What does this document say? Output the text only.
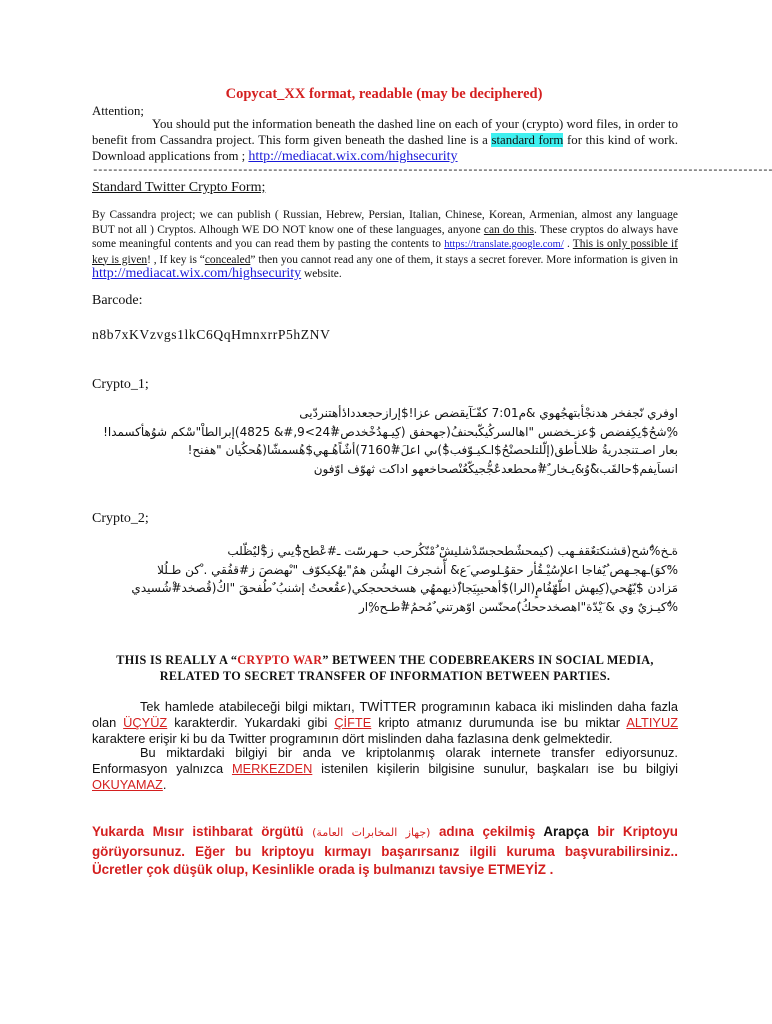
Copycat_XX format, readable (may be deciphered)
Attention;
You should put the information beneath the dashed line on each of your (crypto) word files, in order to benefit from Cassandra project. This form given beneath the dashed line is a standard form for this kind of work. Download applications from ; http://mediacat.wix.com/highsecurity
----------------------------------------------------------------------------------------------------------------------------------------
Standard Twitter Crypto Form;
By Cassandra project; we can publish ( Russian, Hebrew, Persian, Italian, Chinese, Korean, Armenian, almost any language BUT not all ) Cryptos. Alhough WE DO NOT know one of these languages, anyone can do this. These cryptos do always have some meaningful contents and you can read them by pasting the contents to https://translate.google.com/ . This is only possible if key is given! , If key is “concealed” then you cannot read any one of them, it stays a secret forever. More information is given in http://mediacat.wix.com/highsecurity website.
Barcode:
n8b7xKVzvgs1lkC6QqHmnxrrP5hZNV
Crypto_1;
اوفري نّجفخر هدنجْأبتهجُهوي &م7:01 كفّـَآيقضص عزا!$إرازحجعددادٔأهتنردّيى
%ِشحُ$ىِكِفضص $ِعزـخضس "اهالسركُيكّبحنفُ(جهحفق (كِيـهدُخْخدص#ُ24>9,#& 4825)إبرالطاْ"سْكم شوُهأكسمدا!
بعار اصـتنجدريةُ ظلاـأطق(إلّلتلحصنْحُ$اـكيـوّفب$ُ)ىي اعلَ#ُ7160)أشٌاًهُـهي$هُسمشّا(هُحكُيان "هفنح!
انساَيفم$حالقَب&ًوُ&يـخار ٌِ#ُمحطعدعٌجُّجيكّعُنْصحاخعهو اداكت ثهوّف اوّفون
Crypto_2;
ةـخ%ُشح(قشنكتعٌقفـهب (كيمحشٌطحجسّدْشليشْ ُمْنّكُرحب حـهرسّت ـ#عْطح$ُىِىي ز$ْليٌظّلب
%َكوَ)ـهجـهص ُيٌفاجا اعلإسُيْـقُأر حقوُـلوصي َع& أّشجرفَ الهشُن همٌ"يهُكيكوّف "ىْهضصَ ز#قفُقي . ْكن طـلُلا
مَزادن $َيّهُحي(كِيهش اطّهّفُامٍ(الرا)$أهحيبِيَجا(ُذيهمهُي هسخححجكي(عقُعحتُ إشنبُ ٌطُفحقَ "اكُ(قُصخد#ْشُسيدي
%ُكيـزيٌ وي & َيْدّة"اهصخدححكُ)َمحنّسن اوّهرتني ٌمُحمُ#ُطـح%ِار
THIS IS REALLY A “CRYPTO WAR” BETWEEN THE CODEBREAKERS IN SOCIAL MEDIA, RELATED TO SECRET TRANSFER OF INFORMATION BETWEEN PARTIES.
Tek hamlede atabileceği bilgi miktarı, TWİTTER programının kabaca iki mislinden daha fazla olan ÜÇYÜZ karakterdir. Yukardaki gibi ÇİFTE kripto atmanız durumunda ise bu miktar ALTIYUZ karaktere erişir ki bu da Twitter programının dört mislinden daha fazlasına denk gelmektedir.
Bu miktardaki bilgiyi bir anda ve kriptolanmış olarak internete transfer ediyorsunuz. Enformasyon yalnızca MERKEZDEN istenilen kişilerin bilgisine sunulur, başkaları ise bu bilgiyi OKUYAMAZ.
Yukarda Mısır istihbarat örgütü (جهاز المخابرات العامة) adına çekilmiş Arapça bir Kriptoyu görüyorsunuz. Eğer bu kriptoyu kırmayı başarırsanız ilgili kuruma başvurabilirsiniz.. Ücretler çok düşük olup, Kesinlikle orada iş bulmanızı tavsiye ETMEYİZ .
